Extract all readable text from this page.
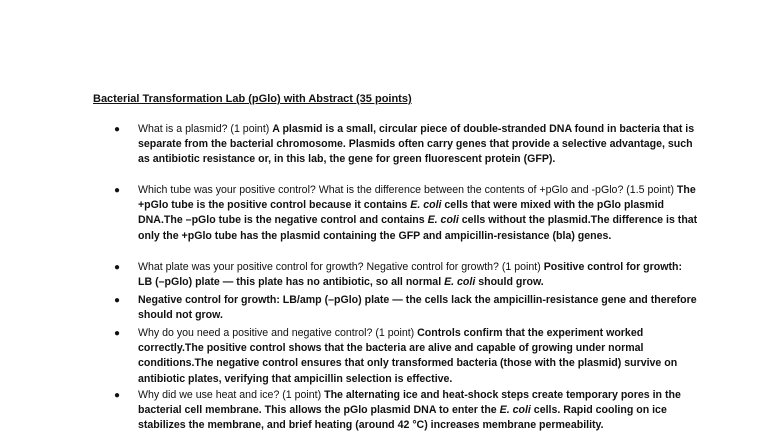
Bacterial Transformation Lab (pGlo) with Abstract (35 points)
● What is a plasmid? (1 point) A plasmid is a small, circular piece of double-stranded DNA found in bacteria that is separate from the bacterial chromosome. Plasmids often carry genes that provide a selective advantage, such as antibiotic resistance or, in this lab, the gene for green fluorescent protein (GFP).
● Which tube was your positive control? What is the difference between the contents of +pGlo and -pGlo? (1.5 point) The +pGlo tube is the positive control because it contains E. coli cells that were mixed with the pGlo plasmid DNA.The –pGlo tube is the negative control and contains E. coli cells without the plasmid.The difference is that only the +pGlo tube has the plasmid containing the GFP and ampicillin-resistance (bla) genes.
● What plate was your positive control for growth? Negative control for growth? (1 point) Positive control for growth: LB (–pGlo) plate — this plate has no antibiotic, so all normal E. coli should grow.
● Negative control for growth: LB/amp (–pGlo) plate — the cells lack the ampicillin-resistance gene and therefore should not grow.
● Why do you need a positive and negative control? (1 point) Controls confirm that the experiment worked correctly.The positive control shows that the bacteria are alive and capable of growing under normal conditions.The negative control ensures that only transformed bacteria (those with the plasmid) survive on antibiotic plates, verifying that ampicillin selection is effective.
● Why did we use heat and ice? (1 point) The alternating ice and heat-shock steps create temporary pores in the bacterial cell membrane. This allows the pGlo plasmid DNA to enter the E. coli cells. Rapid cooling on ice stabilizes the membrane, and brief heating (around 42 °C) increases membrane permeability.
